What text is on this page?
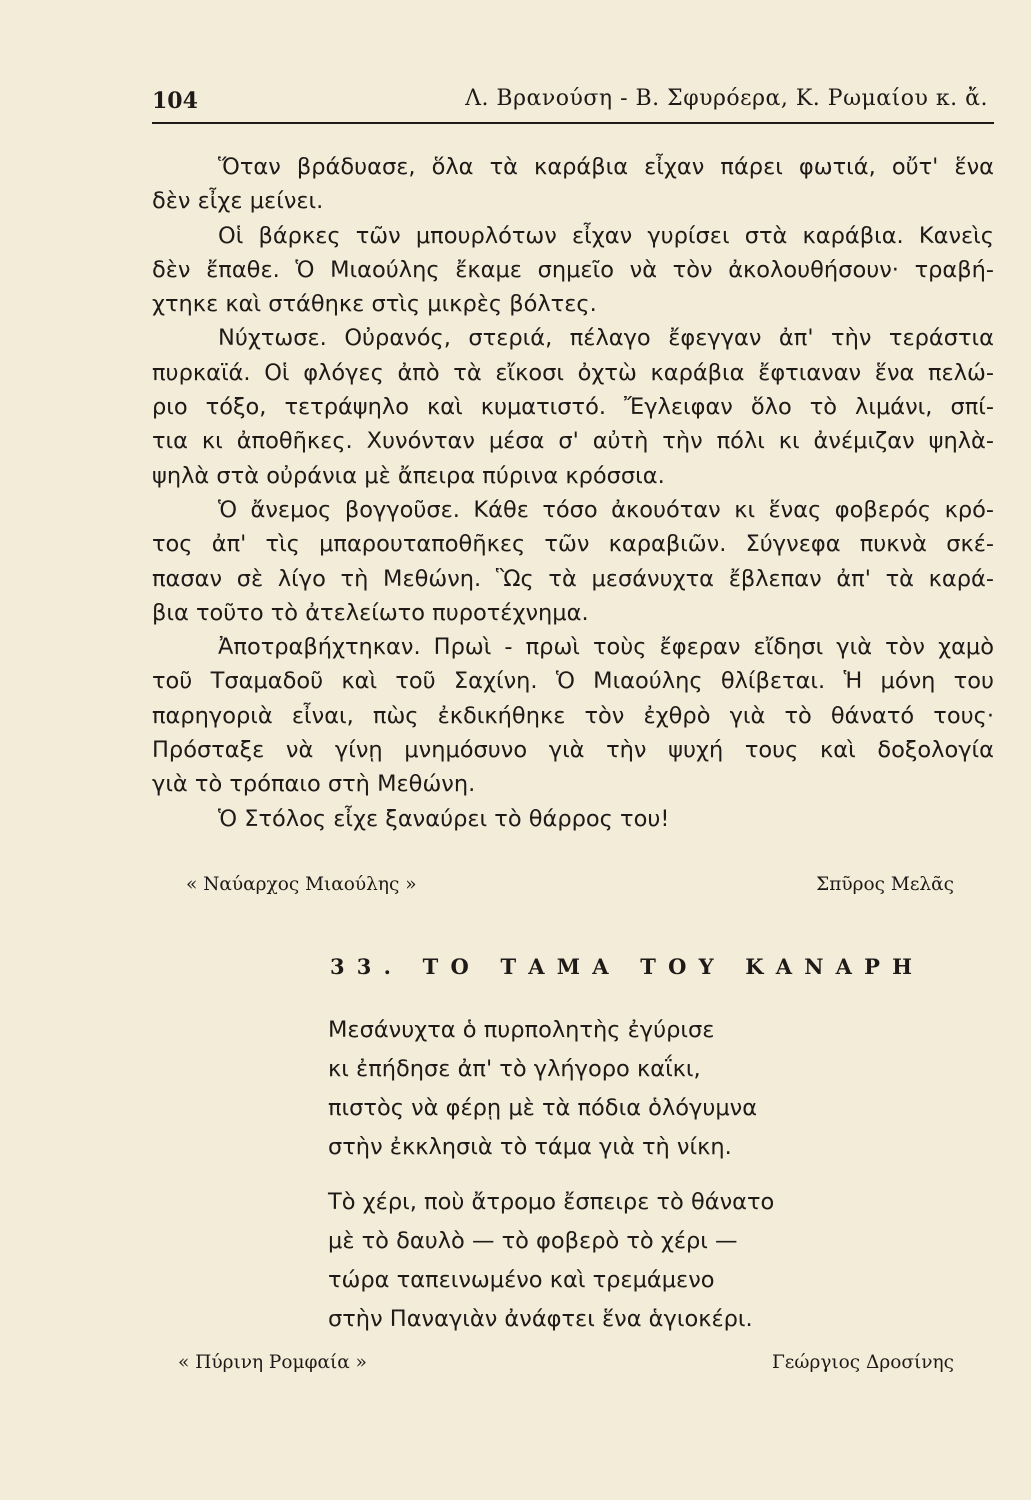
104	Λ. Βρανούση - Β. Σφυρόερα, Κ. Ρωμαίου κ. ἄ.

Ὅταν βράδυασε, ὅλα τὰ καράβια εἶχαν πάρει φωτιά, οὔτ' ἕνα
δὲν εἶχε μείνει.

Οἱ βάρκες τῶν μπουρλότων εἶχαν γυρίσει στὰ καράβια. Κανεὶς
δὲν ἔπαθε. Ὁ Μιαούλης ἔκαμε σημεῖο νὰ τὸν ἀκολουθήσουν· τραβή-
χτηκε καὶ στάθηκε στὶς μικρὲς βόλτες.

Νύχτωσε. Οὐρανός, στεριά, πέλαγο ἔφεγγαν ἀπ' τὴν τεράστια
πυρκαϊά. Οἱ φλόγες ἀπὸ τὰ εἴκοσι ὀχτὼ καράβια ἔφτιαναν ἕνα πελώ-
ριο τόξο, τετράψηλο καὶ κυματιστό. Ἔγλειφαν ὅλο τὸ λιμάνι, σπί-
τια κι ἀποθῆκες. Χυνόνταν μέσα σ' αὐτὴ τὴν πόλι κι ἀνέμιζαν ψηλὰ-
ψηλὰ στὰ οὐράνια μὲ ἄπειρα πύρινα κρόσσια.

Ὁ ἄνεμος βογγοῦσε. Κάθε τόσο ἀκουόταν κι ἕνας φοβερός κρό-
τος ἀπ' τὶς μπαρουταποθῆκες τῶν καραβιῶν. Σύγνεφα πυκνὰ σκέ-
πασαν σὲ λίγο τὴ Μεθώνη. Ὣς τὰ μεσάνυχτα ἔβλεπαν ἀπ' τὰ καρά-
βια τοῦτο τὸ ἀτελείωτο πυροτέχνημα.

Ἀποτραβήχτηκαν. Πρωὶ - πρωὶ τοὺς ἔφεραν εἴδησι γιὰ τὸν χαμὸ
τοῦ Τσαμαδοῦ καὶ τοῦ Σαχίνη. Ὁ Μιαούλης θλίβεται. Ἡ μόνη του
παρηγοριὰ εἶναι, πὼς ἐκδικήθηκε τὸν ἐχθρὸ γιὰ τὸ θάνατό τους·
Πρόσταξε νὰ γίνῃ μνημόσυνο γιὰ τὴν ψυχή τους καὶ δοξολογία
γιὰ τὸ τρόπαιο στὴ Μεθώνη.

Ὁ Στόλος εἶχε ξαναύρει τὸ θάρρος του!

« Ναύαρχος Μιαούλης »	Σπῦρος Μελᾶς
33. ΤΟ ΤΑΜΑ ΤΟΥ ΚΑΝΑΡΗ
Μεσάνυχτα ὁ πυρπολητὴς ἐγύρισε
κι ἐπήδησε ἀπ' τὸ γλήγορο καΐκι,
πιστὸς νὰ φέρῃ μὲ τὰ πόδια ὁλόγυμνα
στὴν ἐκκλησιὰ τὸ τάμα γιὰ τὴ νίκη.
Τὸ χέρι, ποὺ ἄτρομο ἔσπειρε τὸ θάνατο
μὲ τὸ δαυλὸ — τὸ φοβερὸ τὸ χέρι —
τώρα ταπεινωμένο καὶ τρεμάμενο
στὴν Παναγιὰν ἀνάφτει ἕνα ἁγιοκέρι.
« Πύρινη Ρομφαία »	Γεώργιος Δροσίνης
